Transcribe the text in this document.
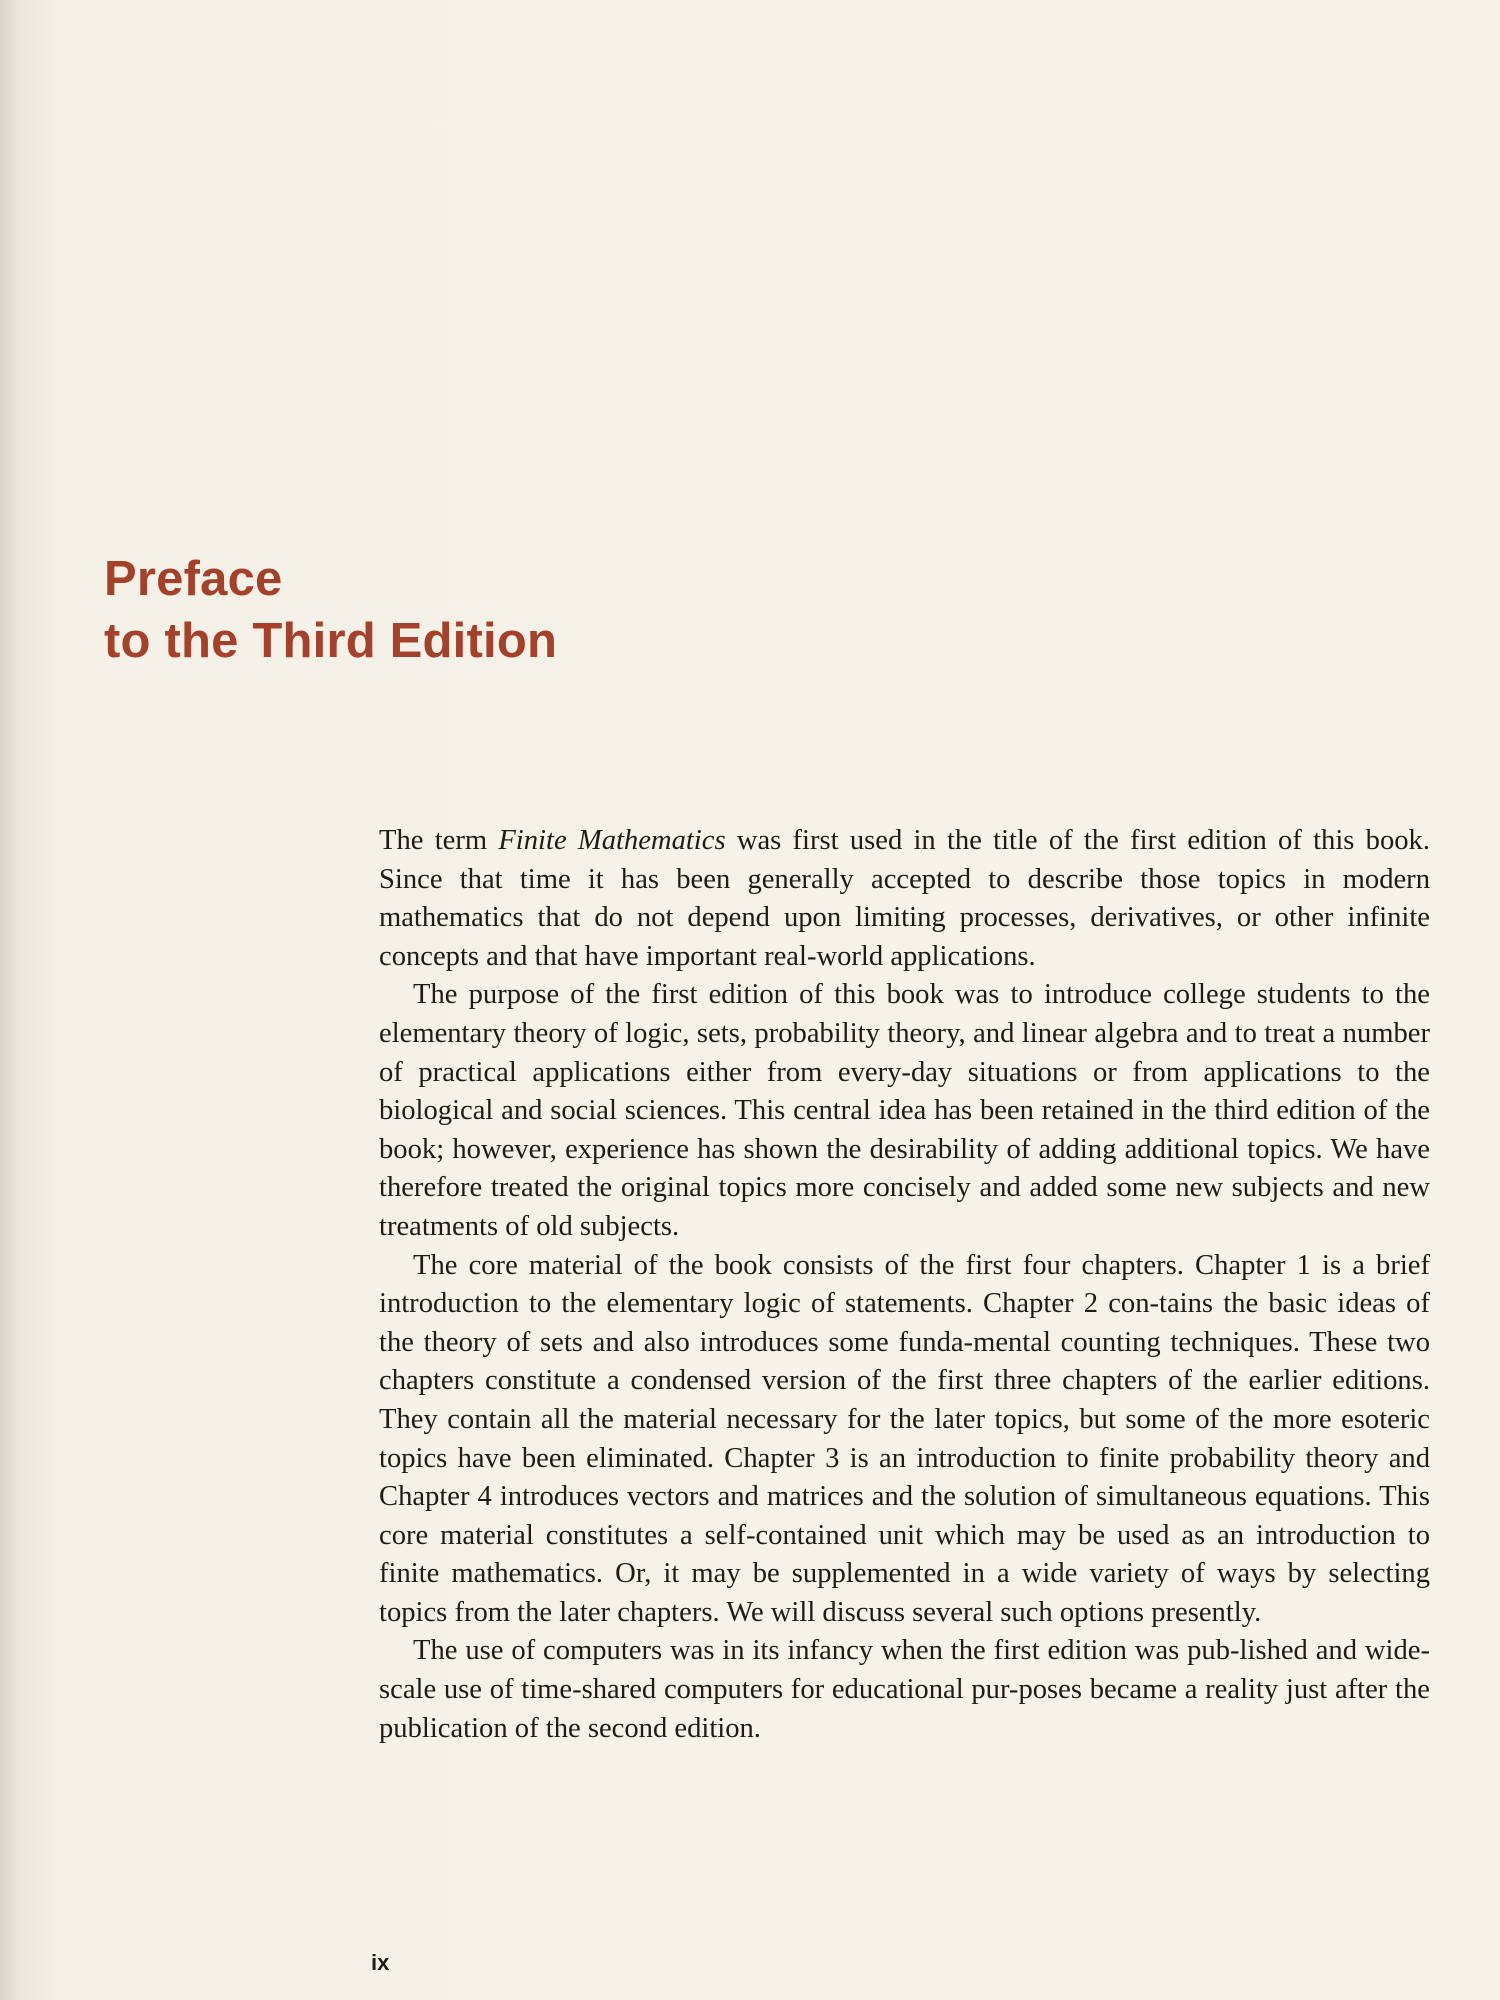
Preface
to the Third Edition

The term Finite Mathematics was first used in the title of the first edition of this book. Since that time it has been generally accepted to describe those topics in modern mathematics that do not depend upon limiting processes, derivatives, or other infinite concepts and that have important real-world applications.

The purpose of the first edition of this book was to introduce college students to the elementary theory of logic, sets, probability theory, and linear algebra and to treat a number of practical applications either from every-day situations or from applications to the biological and social sciences. This central idea has been retained in the third edition of the book; however, experience has shown the desirability of adding additional topics. We have therefore treated the original topics more concisely and added some new subjects and new treatments of old subjects.

The core material of the book consists of the first four chapters. Chapter 1 is a brief introduction to the elementary logic of statements. Chapter 2 con-tains the basic ideas of the theory of sets and also introduces some funda-mental counting techniques. These two chapters constitute a condensed version of the first three chapters of the earlier editions. They contain all the material necessary for the later topics, but some of the more esoteric topics have been eliminated. Chapter 3 is an introduction to finite probability theory and Chapter 4 introduces vectors and matrices and the solution of simultaneous equations. This core material constitutes a self-contained unit which may be used as an introduction to finite mathematics. Or, it may be supplemented in a wide variety of ways by selecting topics from the later chapters. We will discuss several such options presently.

The use of computers was in its infancy when the first edition was pub-lished and wide-scale use of time-shared computers for educational pur-poses became a reality just after the publication of the second edition.

ix
